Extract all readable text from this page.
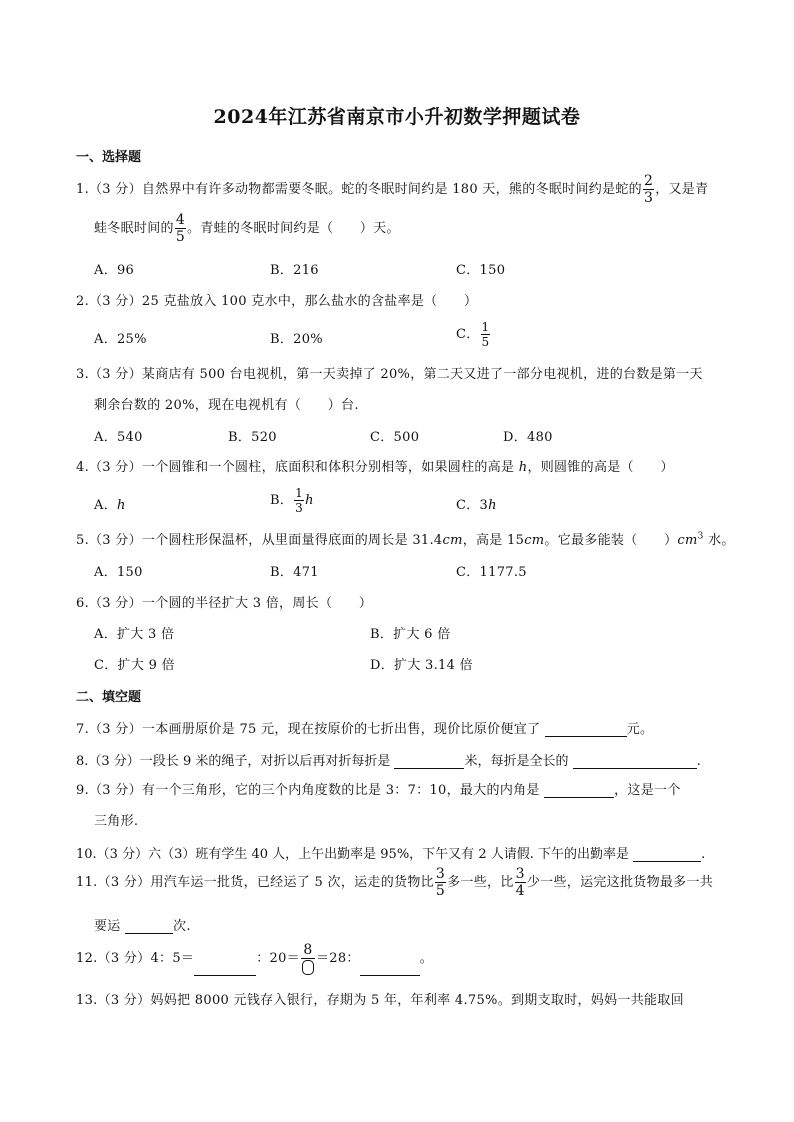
2024年江苏省南京市小升初数学押题试卷
一、选择题
1.（3 分）自然界中有许多动物都需要冬眠。蛇的冬眠时间约是 180 天，熊的冬眠时间约是蛇的 $\frac{2}{3}$ ，又是青
蛙冬眠时间的 $\frac{4}{5}$ 。青蛙的冬眠时间约是（　　）天。
A．96	B．216	C．150
2.（3 分）25 克盐放入 100 克水中，那么盐水的含盐率是（　　）
A．25%	B．20%	C． $\frac{1}{5}$
3.（3 分）某商店有 500 台电视机，第一天卖掉了 20%，第二天又进了一部分电视机，进的台数是第一天
剩余台数的 20%，现在电视机有（　　）台.
A．540	B．520	C．500	D．480
4.（3 分）一个圆锥和一个圆柱，底面积和体积分别相等，如果圆柱的高是 h，则圆锥的高是（　　）
A．h	B． $\frac{1}{3}$ h	C．3h
5.（3 分）一个圆柱形保温杯，从里面量得底面的周长是 31.4cm，高是 15cm。它最多能装（　　）$cm^3$ 水。
A．150	B．471	C．1177.5
6.（3 分）一个圆的半径扩大 3 倍，周长（　　）
A．扩大 3 倍	B．扩大 6 倍
C．扩大 9 倍	D．扩大 3.14 倍
二、填空题
7.（3 分）一本画册原价是 75 元，现在按原价的七折出售，现价比原价便宜了	元。
8.（3 分）一段长 9 米的绳子，对折以后再对折每折是	米，每折是全长的	.
9.（3 分）有一个三角形，它的三个内角度数的比是 3：7：10，最大的内角是	，这是一个
三角形.
10.（3 分）六（3）班有学生 40 人，上午出勤率是 95%，下午又有 2 人请假. 下午的出勤率是	.
11.（3 分）用汽车运一批货，已经运了 5 次，运走的货物比 $\frac{3}{5}$ 多一些，比 $\frac{3}{4}$ 少一些，运完这批货物最多一共
要运	次.
12.（3 分）4：5＝	：20＝
8
＝28：	。
13.（3 分）妈妈把 8000 元钱存入银行，存期为 5 年，年利率 4.75%。到期支取时，妈妈一共能取回
